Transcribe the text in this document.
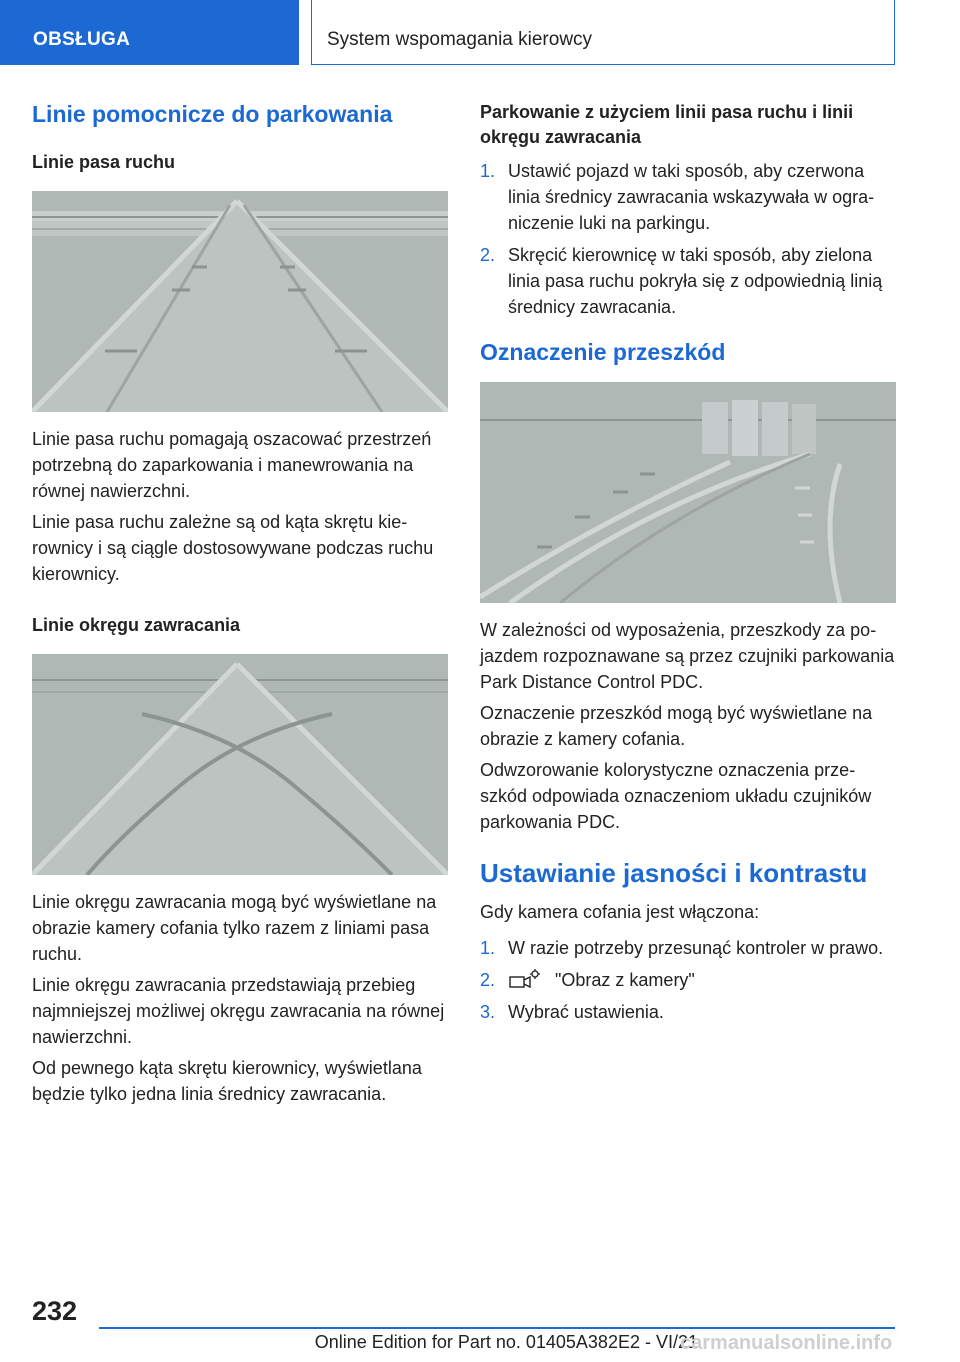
OBSŁUGA	System wspomagania kierowcy
Linie pomocnicze do parkowania
Linie pasa ruchu

Linie pasa ruchu pomagają oszacować przestrzeń potrzebną do zaparkowania i manewrowania na równej nawierzchni.

Linie pasa ruchu zależne są od kąta skrętu kierownicy i są ciągle dostosowywane podczas ruchu kierownicy.

Linie okręgu zawracania

Linie okręgu zawracania mogą być wyświetlane na obrazie kamery cofania tylko razem z liniami pasa ruchu.

Linie okręgu zawracania przedstawiają przebieg najmniejszej możliwej okręgu zawracania na równej nawierzchni.

Od pewnego kąta skrętu kierownicy, wyświetlana będzie tylko jedna linia średnicy zawracania.

Parkowanie z użyciem linii pasa ruchu i linii okręgu zawracania
1. Ustawić pojazd w taki sposób, aby czerwona linia średnicy zawracania wskazywała w ograniczenie luki na parkingu.
2. Skręcić kierownicę w taki sposób, aby zielona linia pasa ruchu pokryła się z odpowiednią linią średnicy zawracania.
Oznaczenie przeszkód

W zależności od wyposażenia, przeszkody za pojazdem rozpoznawane są przez czujniki parkowania Park Distance Control PDC.

Oznaczenie przeszkód mogą być wyświetlane na obrazie z kamery cofania.

Odwzorowanie kolorystyczne oznaczenia przeszkód odpowiada oznaczeniom układu czujników parkowania PDC.

Ustawianie jasności i kontrastu

Gdy kamera cofania jest włączona:

1. W razie potrzeby przesunąć kontroler w prawo.
2.	"Obraz z kamery"
3. Wybrać ustawienia.
232
Online Edition for Part no. 01405A382E2 - VI/21
carmanualsonline.info
